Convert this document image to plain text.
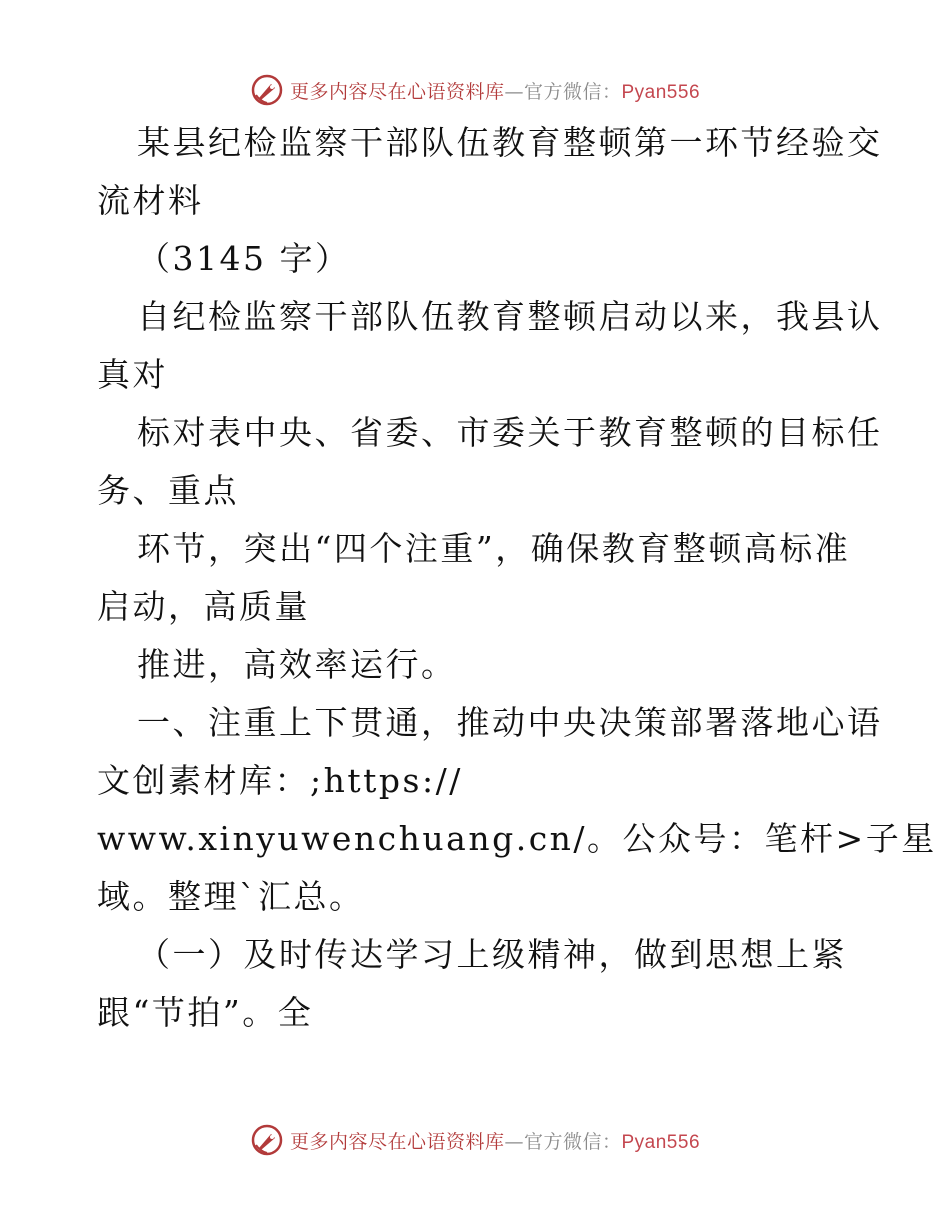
更多内容尽在心语资料库—官方微信：Pyan556
某县纪检监察干部队伍教育整顿第一环节经验交
流材料
（3145 字）
自纪检监察干部队伍教育整顿启动以来，我县认
真对
标对表中央、省委、市委关于教育整顿的目标任
务、重点
环节，突出“四个注重”，确保教育整顿高标准
启动，高质量
推进，高效率运行。
一、注重上下贯通，推动中央决策部署落地心语
文创素材库：;https://
www.xinyuwenchuang.cn/。公众号：笔杆>子星
域。整理`汇总。
（一）及时传达学习上级精神，做到思想上紧
跟“节拍”。全
更多内容尽在心语资料库—官方微信：Pyan556
